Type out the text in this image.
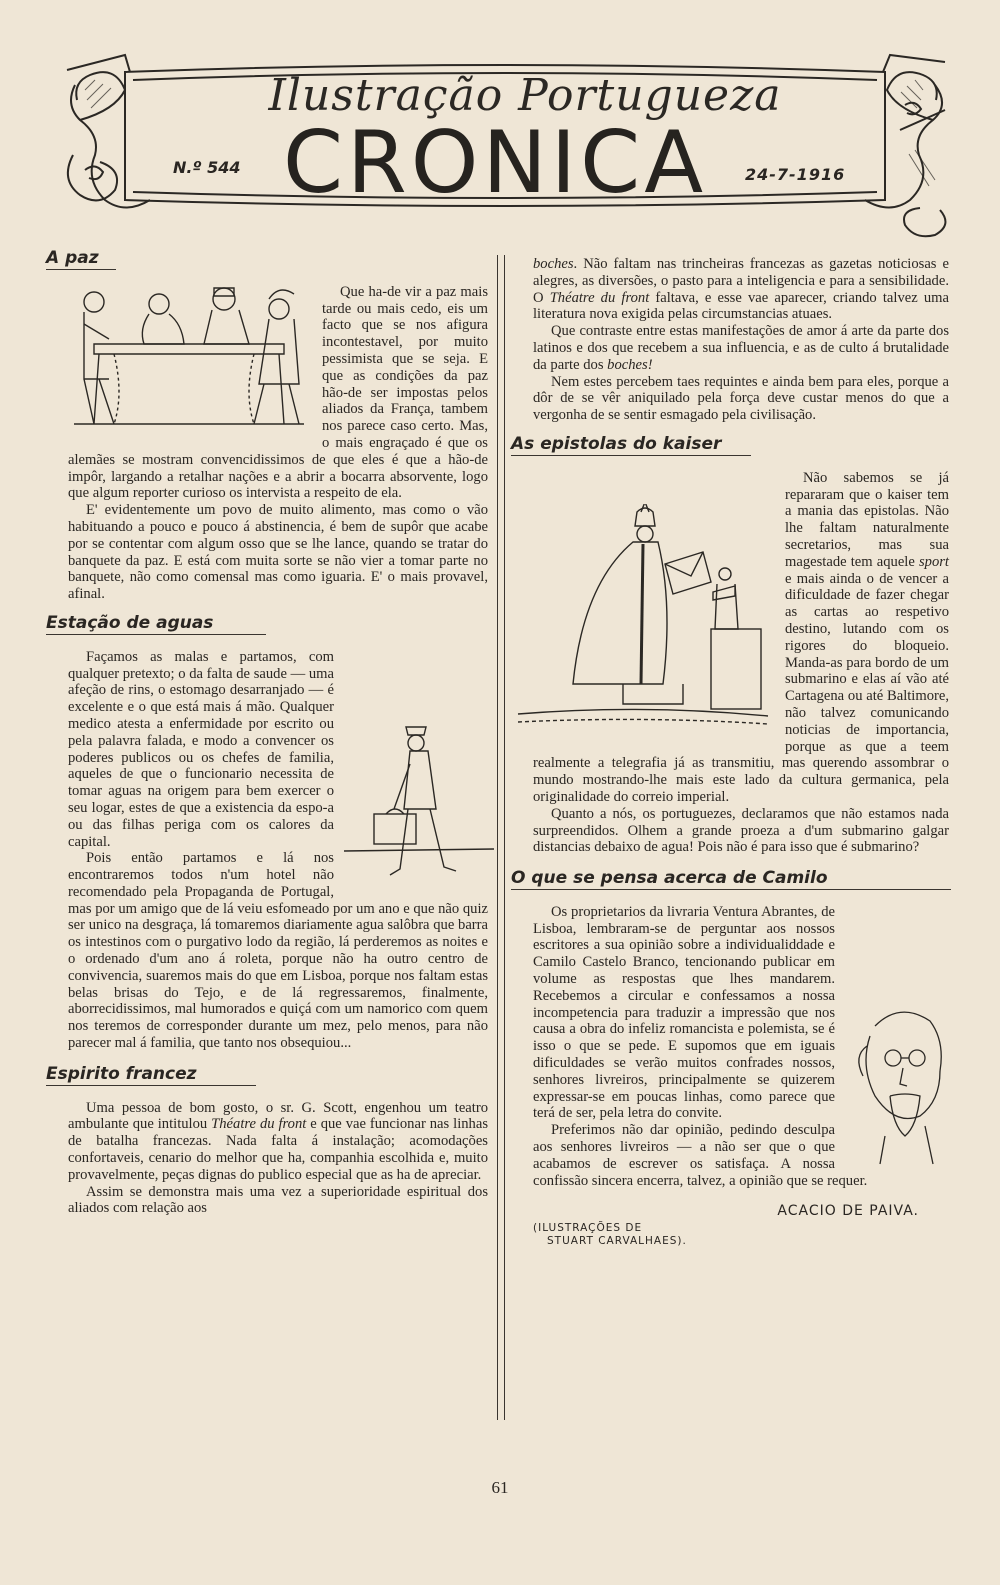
Ilustração Portugueza
CRONICA
N.º 544	24-7-1916
A paz

Que ha-de vir a paz mais tarde ou mais cedo, eis um facto que se nos afigura incontestavel, por muito pessimista que se seja. E que as condições da paz hão-de ser impostas pelos aliados da França, tambem nos parece caso certo. Mas, o mais engraçado é que os alemães se mostram convencidissimos de que eles é que a hão-de impôr, largando a retalhar nações e a abrir a bocarra absorvente, logo que algum reporter curioso os intervista a respeito de ela.

E' evidentemente um povo de muito alimento, mas como o vão habituando a pouco e pouco á abstinencia, é bem de supôr que acabe por se contentar com algum osso que se lhe lance, quando se tratar do banquete da paz. E está com muita sorte se não vier a tomar parte no banquete, não como comensal mas como iguaria. E' o mais provavel, afinal.

Estação de aguas

Façamos as malas e partamos, com qualquer pretexto; o da falta de saude — uma afeção de rins, o estomago desarranjado — é excelente e o que está mais á mão. Qualquer medico atesta a enfermidade por escrito ou pela palavra falada, e modo a convencer os poderes publicos ou os chefes de familia, aqueles de que o funcionario necessita de tomar aguas na origem para bem exercer o seu logar, estes de que a existencia da espo-a ou das filhas periga com os calores da capital.

Pois então partamos e lá nos encontraremos todos n'um hotel não recomendado pela Propaganda de Portugal, mas por um amigo que de lá veiu esfomeado por um ano e que não quiz ser unico na desgraça, lá tomaremos diariamente agua salôbra que barra os intestinos com o purgativo lodo da região, lá perderemos as noites e o ordenado d'um ano á roleta, porque não ha outro centro de convivencia, suaremos mais do que em Lisboa, porque nos faltam estas belas brisas do Tejo, e de lá regressaremos, finalmente, aborrecidissimos, mal humorados e quiçá com um namorico com quem nos teremos de corresponder durante um mez, pelo menos, para não parecer mal á familia, que tanto nos obsequiou...

Espirito francez

Uma pessoa de bom gosto, o sr. G. Scott, engenhou um teatro ambulante que intitulou Théatre du front e que vae funcionar nas linhas de batalha francezas. Nada falta á instalação; acomodações confortaveis, cenario do melhor que ha, companhia escolhida e, muito provavelmente, peças dignas do publico especial que as ha de apreciar.

Assim se demonstra mais uma vez a superioridade espiritual dos aliados com relação aos

boches. Não faltam nas trincheiras francezas as gazetas noticiosas e alegres, as diversões, o pasto para a inteligencia e para a sensibilidade. O Théatre du front faltava, e esse vae aparecer, criando talvez uma literatura nova exigida pelas circumstancias atuaes.

Que contraste entre estas manifestações de amor á arte da parte dos latinos e dos que recebem a sua influencia, e as de culto á brutalidade da parte dos boches!

Nem estes percebem taes requintes e ainda bem para eles, porque a dôr de se vêr aniquilado pela força deve custar menos do que a vergonha de se sentir esmagado pela civilisação.

As epistolas do kaiser

Não sabemos se já repararam que o kaiser tem a mania das epistolas. Não lhe faltam naturalmente secretarios, mas sua magestade tem aquele sport e mais ainda o de vencer a dificuldade de fazer chegar as cartas ao respetivo destino, lutando com os rigores do bloqueio. Manda-as para bordo de um submarino e elas aí vão até Cartagena ou até Baltimore, não talvez comunicando noticias de importancia, porque as que a teem realmente a telegrafia já as transmitiu, mas querendo assombrar o mundo mostrando-lhe mais este lado da cultura germanica, pela originalidade do correio imperial.

Quanto a nós, os portuguezes, declaramos que não estamos nada surpreendidos. Olhem a grande proeza a d'um submarino galgar distancias debaixo de agua! Pois não é para isso que é submarino?

O que se pensa acerca de Camilo

Os proprietarios da livraria Ventura Abrantes, de Lisboa, lembraram-se de perguntar aos nossos escritores a sua opinião sobre a individualiddade e Camilo Castelo Branco, tencionando publicar em volume as respostas que lhes mandarem. Recebemos a circular e confessamos a nossa incompetencia para traduzir a impressão que nos causa a obra do infeliz romancista e polemista, se é isso o que se pede. E supomos que em iguais dificuldades se verão muitos confrades nossos, senhores livreiros, principalmente se quizerem expressar-se em poucas linhas, como parece que terá de ser, pela letra do convite.

Preferimos não dar opinião, pedindo desculpa aos senhores livreiros — a não ser que o que acabamos de escrever os satisfaça. A nossa confissão sincera encerra, talvez, a opinião que se requer.

ACACIO DE PAIVA.
(ILUSTRAÇÕES DE
STUART CARVALHAES).
61
